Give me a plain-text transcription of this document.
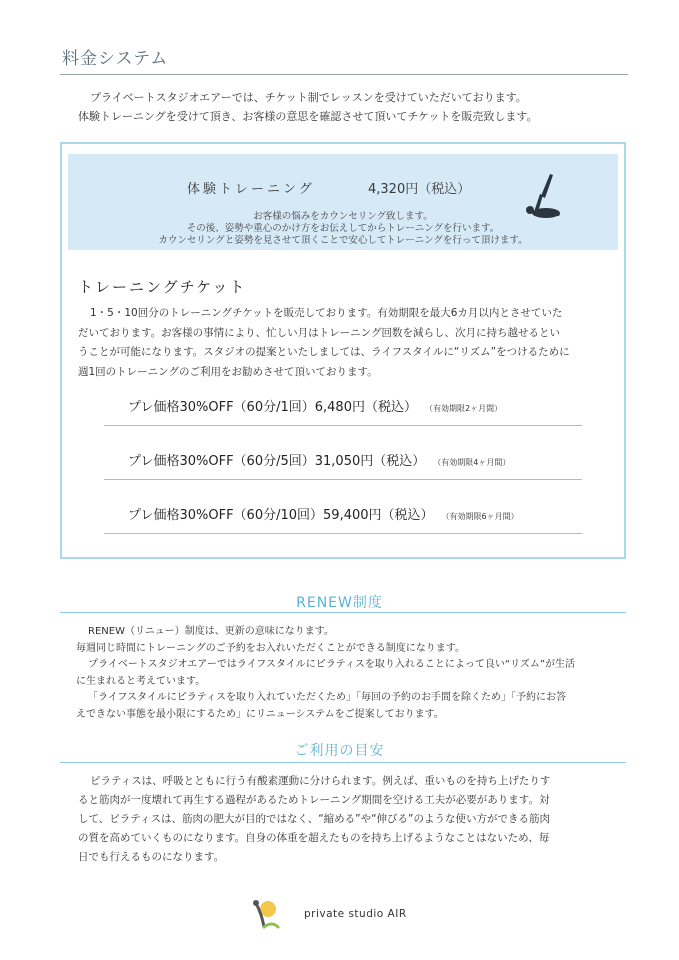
料金システム
プライベートスタジオエアーでは、チケット制でレッスンを受けていただいております。
体験トレーニングを受けて頂き、お客様の意思を確認させて頂いてチケットを販売致します。
体験トレーニング	4,320円（税込）
お客様の悩みをカウンセリング致します。
その後、姿勢や重心のかけ方をお伝えしてからトレーニングを行います。
カウンセリングと姿勢を見させて頂くことで安心してトレーニングを行って頂けます。
トレーニングチケット
1・5・10回分のトレーニングチケットを販売しております。有効期限を最大6カ月以内とさせていた
だいております。お客様の事情により、忙しい月はトレーニング回数を減らし、次月に持ち越せるとい
うことが可能になります。スタジオの提案といたしましては、ライフスタイルに“リズム”をつけるために
週1回のトレーニングのご利用をお勧めさせて頂いております。
プレ価格30%OFF（60分/1回）6,480円（税込） （有効期限2ヶ月間）
プレ価格30%OFF（60分/5回）31,050円（税込） （有効期限4ヶ月間）
プレ価格30%OFF（60分/10回）59,400円（税込） （有効期限6ヶ月間）
RENEW制度
RENEW（リニュー）制度は、更新の意味になります。
毎週同じ時間にトレーニングのご予約をお入れいただくことができる制度になります。
プライベートスタジオエアーではライフスタイルにピラティスを取り入れることによって良い“リズム”が生活
に生まれると考えています。
「ライフスタイルにピラティスを取り入れていただくため」「毎回の予約のお手間を除くため」「予約にお答
えできない事態を最小限にするため」にリニューシステムをご提案しております。
ご利用の目安
ピラティスは、呼吸とともに行う有酸素運動に分けられます。例えば、重いものを持ち上げたりす
ると筋肉が一度壊れて再生する過程があるためトレーニング期間を空ける工夫が必要があります。対
して、ピラティスは、筋肉の肥大が目的ではなく、“縮める”や“伸びる”のような使い方ができる筋肉
の質を高めていくものになります。自身の体重を超えたものを持ち上げるようなことはないため、毎
日でも行えるものになります。
private studio AIR
